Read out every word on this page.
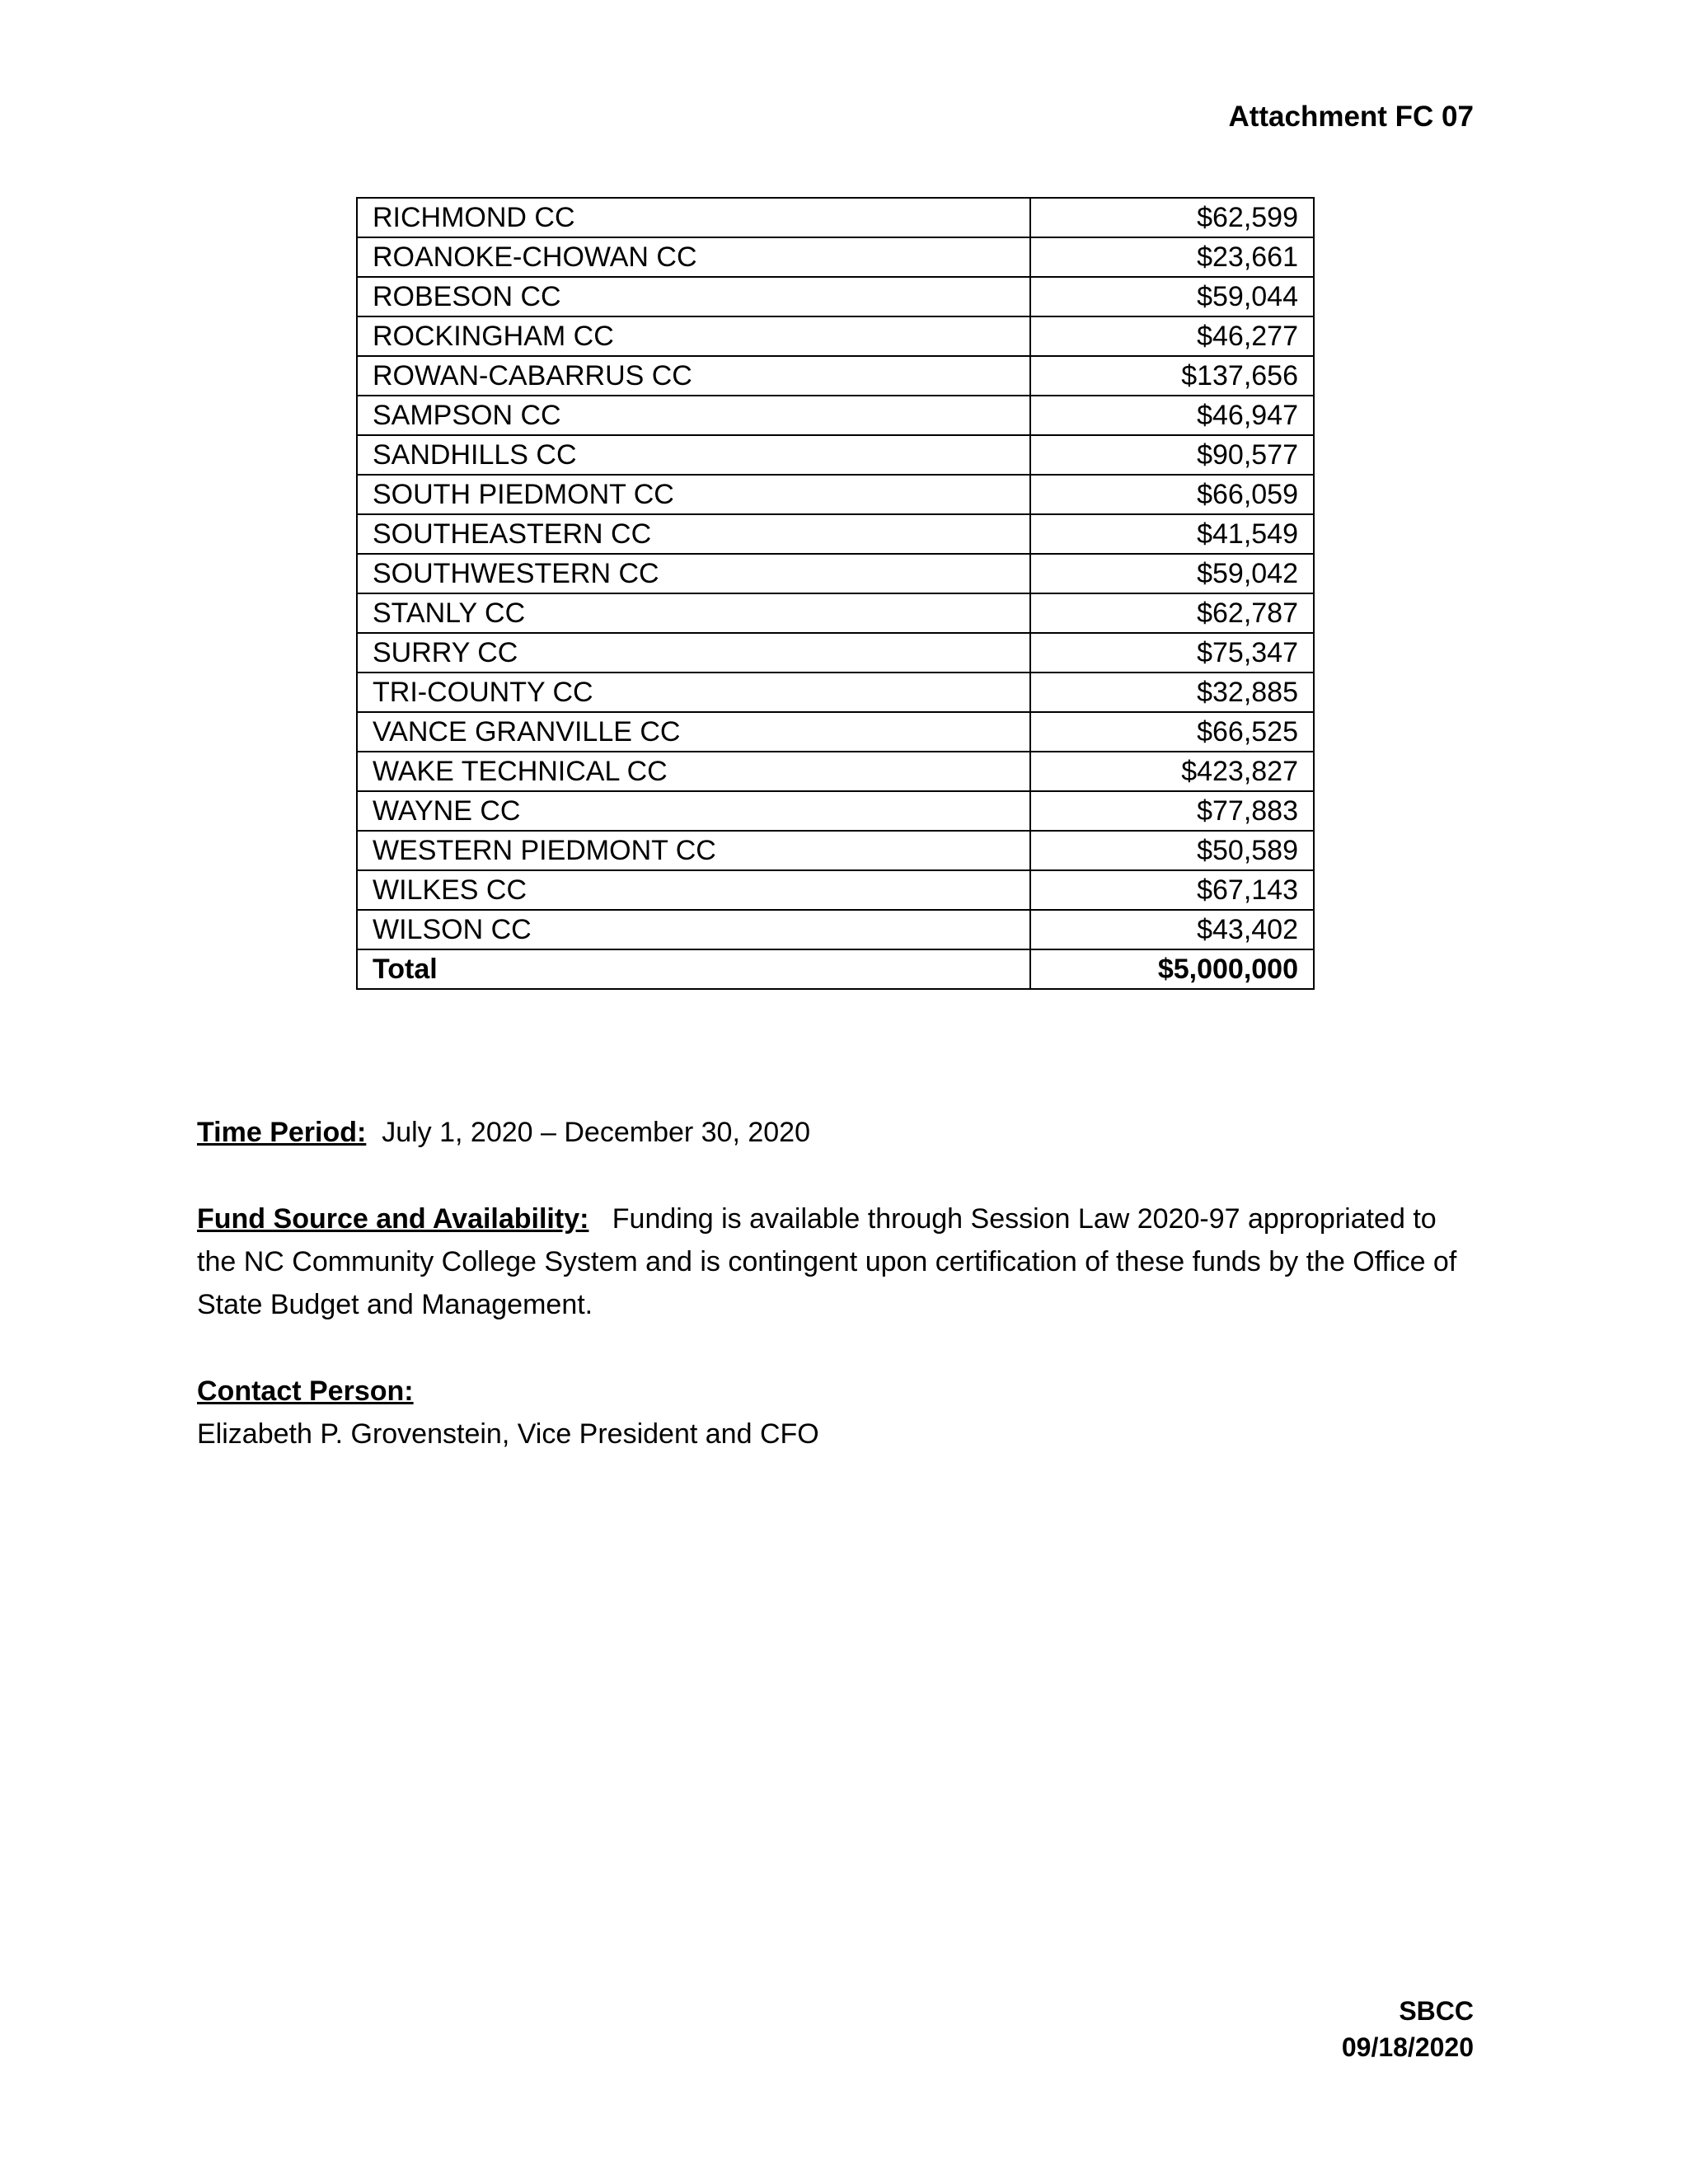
Attachment FC 07
RICHMOND CC	$62,599
ROANOKE-CHOWAN CC	$23,661
ROBESON CC	$59,044
ROCKINGHAM CC	$46,277
ROWAN-CABARRUS CC	$137,656
SAMPSON CC	$46,947
SANDHILLS CC	$90,577
SOUTH PIEDMONT CC	$66,059
SOUTHEASTERN CC	$41,549
SOUTHWESTERN CC	$59,042
STANLY CC	$62,787
SURRY CC	$75,347
TRI-COUNTY CC	$32,885
VANCE GRANVILLE CC	$66,525
WAKE TECHNICAL CC	$423,827
WAYNE CC	$77,883
WESTERN PIEDMONT CC	$50,589
WILKES CC	$67,143
WILSON CC	$43,402
Total	$5,000,000
Time Period: July 1, 2020 – December 30, 2020
Fund Source and Availability: Funding is available through Session Law 2020-97 appropriated to the NC Community College System and is contingent upon certification of these funds by the Office of State Budget and Management.
Contact Person:
Elizabeth P. Grovenstein, Vice President and CFO
SBCC
09/18/2020
